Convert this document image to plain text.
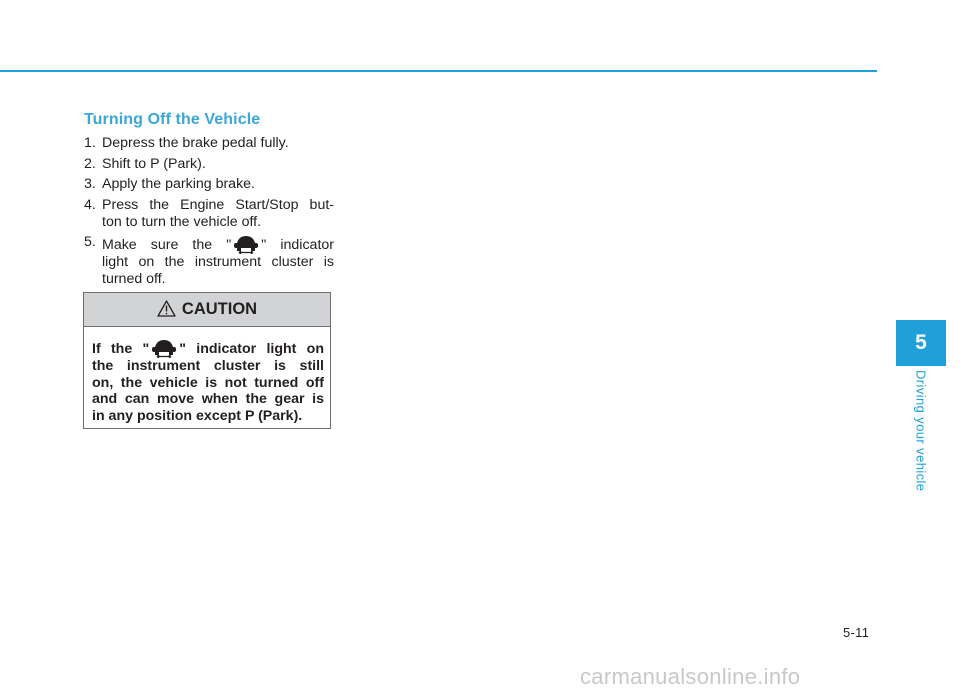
Turning Off the Vehicle
1. Depress the brake pedal fully.
2. Shift to P (Park).
3. Apply the parking brake.
4. Press the Engine Start/Stop but-
ton to turn the vehicle off.
5. Make sure the " " indicator
light on the instrument cluster is
turned off.
CAUTION
If the " " indicator light on
the instrument cluster is still
on, the vehicle is not turned off
and can move when the gear is
in any position except P (Park).
5
Driving your vehicle
5-11
carmanualsonline.info
